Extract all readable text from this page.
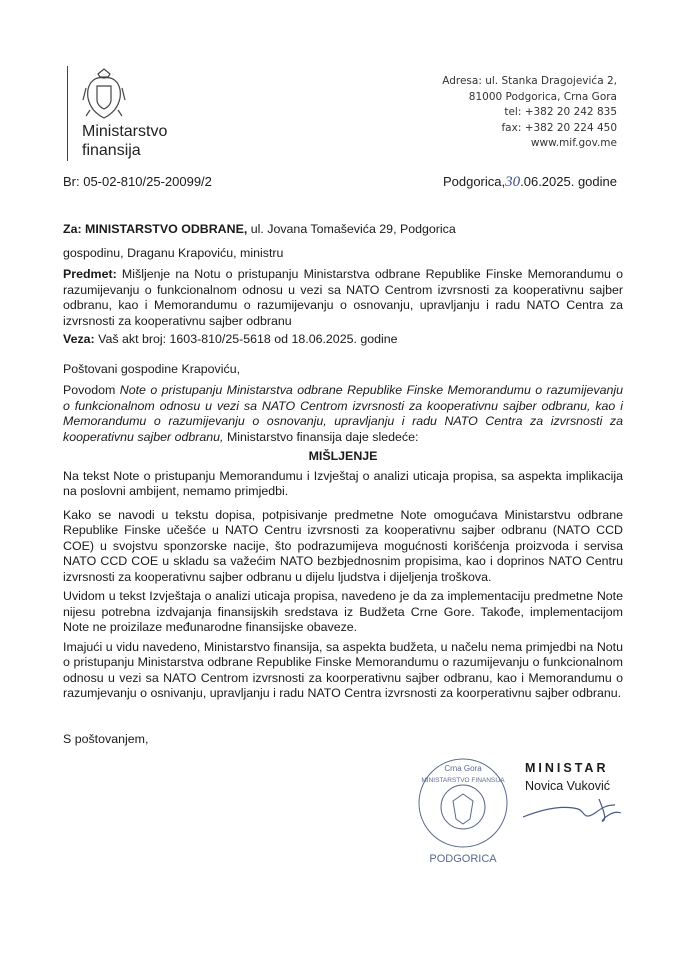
Ministarstvo
finansija
Adresa: ul. Stanka Dragojevića 2,
81000 Podgorica, Crna Gora
tel: +382 20 242 835
fax: +382 20 224 450
www.mif.gov.me
Br: 05-02-810/25-20099/2	Podgorica,30.06.2025. godine

Za: MINISTARSTVO ODBRANE, ul. Jovana Tomaševića 29, Podgorica

gospodinu, Draganu Krapoviću, ministru

Predmet: Mišljenje na Notu o pristupanju Ministarstva odbrane Republike Finske Memorandumu o razumijevanju o funkcionalnom odnosu u vezi sa NATO Centrom izvrsnosti za kooperativnu sajber odbranu, kao i Memorandumu o razumijevanju o osnovanju, upravljanju i radu NATO Centra za izvrsnosti za kooperativnu sajber odbranu

Veza: Vaš akt broj: 1603-810/25-5618 od 18.06.2025. godine

Poštovani gospodine Krapoviću,

Povodom Note o pristupanju Ministarstva odbrane Republike Finske Memorandumu o razumijevanju o funkcionalnom odnosu u vezi sa NATO Centrom izvrsnosti za kooperativnu sajber odbranu, kao i Memorandumu o razumijevanju o osnovanju, upravljanju i radu NATO Centra za izvrsnosti za kooperativnu sajber odbranu, Ministarstvo finansija daje sledeće:

MIŠLJENJE

Na tekst Note o pristupanju Memorandumu i Izvještaj o analizi uticaja propisa, sa aspekta implikacija na poslovni ambijent, nemamo primjedbi.

Kako se navodi u tekstu dopisa, potpisivanje predmetne Note omogućava Ministarstvu odbrane Republike Finske učešće u NATO Centru izvrsnosti za kooperativnu sajber odbranu (NATO CCD COE) u svojstvu sponzorske nacije, što podrazumijeva mogućnosti korišćenja proizvoda i servisa NATO CCD COE u skladu sa važećim NATO bezbjednosnim propisima, kao i doprinos NATO Centru izvrsnosti za kooperativnu sajber odbranu u dijelu ljudstva i dijeljenja troškova.

Uvidom u tekst Izvještaja o analizi uticaja propisa, navedeno je da za implementaciju predmetne Note nijesu potrebna izdvajanja finansijskih sredstava iz Budžeta Crne Gore. Takođe, implementacijom Note ne proizilaze međunarodne finansijske obaveze.

Imajući u vidu navedeno, Ministarstvo finansija, sa aspekta budžeta, u načelu nema primjedbi na Notu o pristupanju Ministarstva odbrane Republike Finske Memorandumu o razumijevanju o funkcionalnom odnosu u vezi sa NATO Centrom izvrsnosti za koorperativnu sajber odbranu, kao i Memorandumu o razumjevanju o osnivanju, upravljanju i radu NATO Centra izvrsnosti za koorperativnu sajber odbranu.

S poštovanjem,

Crna Gora
MINISTARSTVO FINANSIJA
PODGORICA
MINISTAR
Novica Vuković
